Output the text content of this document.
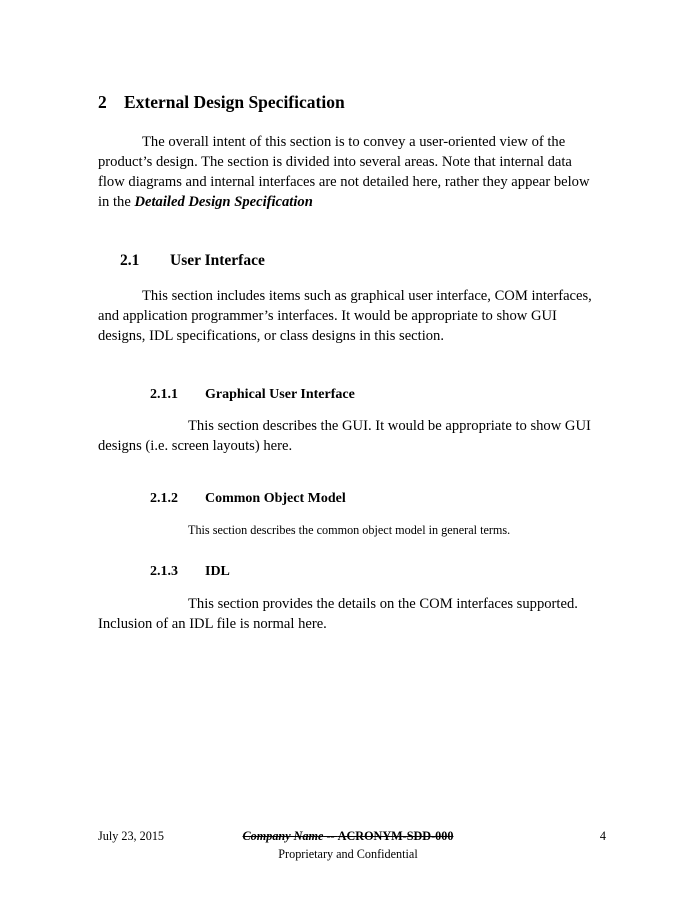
2 External Design Specification

The overall intent of this section is to convey a user-oriented view of the product’s design. The section is divided into several areas. Note that internal data flow diagrams and internal interfaces are not detailed here, rather they appear below in the Detailed Design Specification

2.1	User Interface

This section includes items such as graphical user interface, COM interfaces, and application programmer’s interfaces. It would be appropriate to show GUI designs, IDL specifications, or class designs in this section.

2.1.1	Graphical User Interface

This section describes the GUI. It would be appropriate to show GUI designs (i.e. screen layouts) here.

2.1.2	Common Object Model

This section describes the common object model in general terms.

2.1.3	IDL

This section provides the details on the COM interfaces supported. Inclusion of an IDL file is normal here.

July 23, 2015	Company Name -- ACRONYM-SDD-000	4
Proprietary and Confidential
